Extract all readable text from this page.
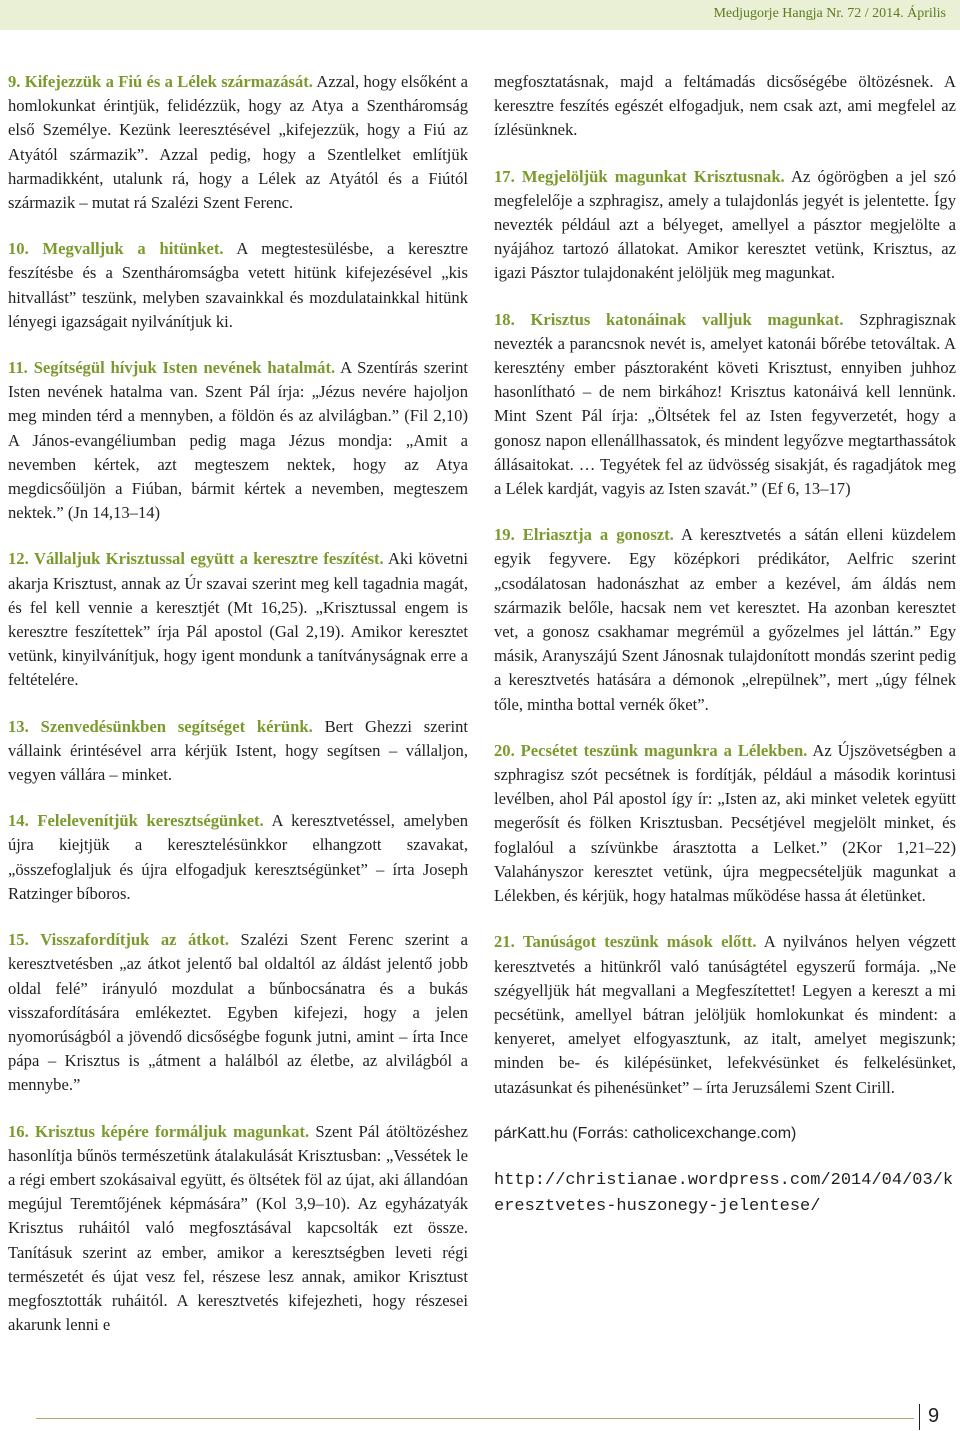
Medjugorje Hangja Nr. 72 / 2014. Április

9. Kifejezzük a Fiú és a Lélek származását. Azzal, hogy elsőként a homlokunkat érintjük, felidézzük, hogy az Atya a Szentháromság első Személye. Kezünk leeresztésével „kifejezzük, hogy a Fiú az Atyától származik”. Azzal pedig, hogy a Szentlelket említjük harmadikként, utalunk rá, hogy a Lélek az Atyától és a Fiútól származik – mutat rá Szalézi Szent Ferenc.

10. Megvalljuk a hitünket. A megtestesülésbe, a keresztre feszítésbe és a Szentháromságba vetett hitünk kifejezésével „kis hitvallást” teszünk, melyben szavainkkal és mozdulatainkkal hitünk lényegi igazságait nyilvánítjuk ki.

11. Segítségül hívjuk Isten nevének hatalmát. A Szentírás szerint Isten nevének hatalma van. Szent Pál írja: „Jézus nevére hajoljon meg minden térd a mennyben, a földön és az alvilágban.” (Fil 2,10) A János-evangéliumban pedig maga Jézus mondja: „Amit a nevemben kértek, azt megteszem nektek, hogy az Atya megdicsőüljön a Fiúban, bármit kértek a nevemben, megteszem nektek.” (Jn 14,13–14)

12. Vállaljuk Krisztussal együtt a keresztre feszítést. Aki követni akarja Krisztust, annak az Úr szavai szerint meg kell tagadnia magát, és fel kell vennie a keresztjét (Mt 16,25). „Krisztussal engem is keresztre feszítettek” írja Pál apostol (Gal 2,19). Amikor keresztet vetünk, kinyilvánítjuk, hogy igent mondunk a tanítványságnak erre a feltételére.

13. Szenvedésünkben segítséget kérünk. Bert Ghezzi szerint vállaink érintésével arra kérjük Istent, hogy segítsen – vállaljon, vegyen vállára – minket.

14. Felelevenítjük keresztségünket. A keresztvetéssel, amelyben újra kiejtjük a keresztelésünkkor elhangzott szavakat, „összefoglaljuk és újra elfogadjuk keresztségünket” – írta Joseph Ratzinger bíboros.

15. Visszafordítjuk az átkot. Szalézi Szent Ferenc szerint a keresztvetésben „az átkot jelentő bal oldaltól az áldást jelentő jobb oldal felé” irányuló mozdulat a bűnbocsánatra és a bukás visszafordítására emlékeztet. Egyben kifejezi, hogy a jelen nyomorúságból a jövendő dicsőségbe fogunk jutni, amint – írta Ince pápa – Krisztus is „átment a halálból az életbe, az alvilágból a mennybe.”

16. Krisztus képére formáljuk magunkat. Szent Pál átöltözéshez hasonlítja bűnös természetünk átalakulását Krisztusban: „Vessétek le a régi embert szokásaival együtt, és öltsétek föl az újat, aki állandóan megújul Teremtőjének képmására” (Kol 3,9–10). Az egyházatyák Krisztus ruháitól való megfosztásával kapcsolták ezt össze. Tanításuk szerint az ember, amikor a keresztségben leveti régi természetét és újat vesz fel, részese lesz annak, amikor Krisztust megfosztották ruháitól. A keresztvetés kifejezheti, hogy részesei akarunk lenni e

megfosztatásnak, majd a feltámadás dicsőségébe öltözésnek. A keresztre feszítés egészét elfogadjuk, nem csak azt, ami megfelel az ízlésünknek.

17. Megjelöljük magunkat Krisztusnak. Az ógörögben a jel szó megfelelője a szphragisz, amely a tulajdonlás jegyét is jelentette. Így nevezték például azt a bélyeget, amellyel a pásztor megjelölte a nyájához tartozó állatokat. Amikor keresztet vetünk, Krisztus, az igazi Pásztor tulajdonaként jelöljük meg magunkat.

18. Krisztus katonáinak valljuk magunkat. Szphragisznak nevezték a parancsnok nevét is, amelyet katonái bőrébe tetováltak. A keresztény ember pásztoraként követi Krisztust, ennyiben juhhoz hasonlítható – de nem birkához! Krisztus katonáivá kell lennünk. Mint Szent Pál írja: „Öltsétek fel az Isten fegyverzetét, hogy a gonosz napon ellenállhassatok, és mindent legyőzve megtarthassátok állásaitokat. … Tegyétek fel az üdvösség sisakját, és ragadjátok meg a Lélek kardját, vagyis az Isten szavát.” (Ef 6, 13–17)

19. Elriasztja a gonoszt. A keresztvetés a sátán elleni küzdelem egyik fegyvere. Egy középkori prédikátor, Aelfric szerint „csodálatosan hadonászhat az ember a kezével, ám áldás nem származik belőle, hacsak nem vet keresztet. Ha azonban keresztet vet, a gonosz csakhamar megrémül a győzelmes jel láttán.” Egy másik, Aranyszájú Szent Jánosnak tulajdonított mondás szerint pedig a keresztvetés hatására a démonok „elrepülnek”, mert „úgy félnek tőle, mintha bottal vernék őket”.

20. Pecsétet teszünk magunkra a Lélekben. Az Újszövetségben a szphragisz szót pecsétnek is fordítják, például a második korintusi levélben, ahol Pál apostol így ír: „Isten az, aki minket veletek együtt megerősít és fölken Krisztusban. Pecsétjével megjelölt minket, és foglalóul a szívünkbe árasztotta a Lelket.” (2Kor 1,21–22) Valahányszor keresztet vetünk, újra megpecsételjük magunkat a Lélekben, és kérjük, hogy hatalmas működése hassa át életünket.

21. Tanúságot teszünk mások előtt. A nyilvános helyen végzett keresztvetés a hitünkről való tanúságtétel egyszerű formája. „Ne szégyelljük hát megvallani a Megfeszítettet! Legyen a kereszt a mi pecsétünk, amellyel bátran jelöljük homlokunkat és mindent: a kenyeret, amelyet elfogyasztunk, az italt, amelyet megiszunk; minden be- és kilépésünket, lefekvésünket és felkelésünket, utazásunkat és pihenésünket” – írta Jeruzsálemi Szent Cirill.

párKatt.hu (Forrás: catholicexchange.com)

http://christianae.wordpress.com/2014/04/03/keresztvetes-huszonegy-jelentese/

9
